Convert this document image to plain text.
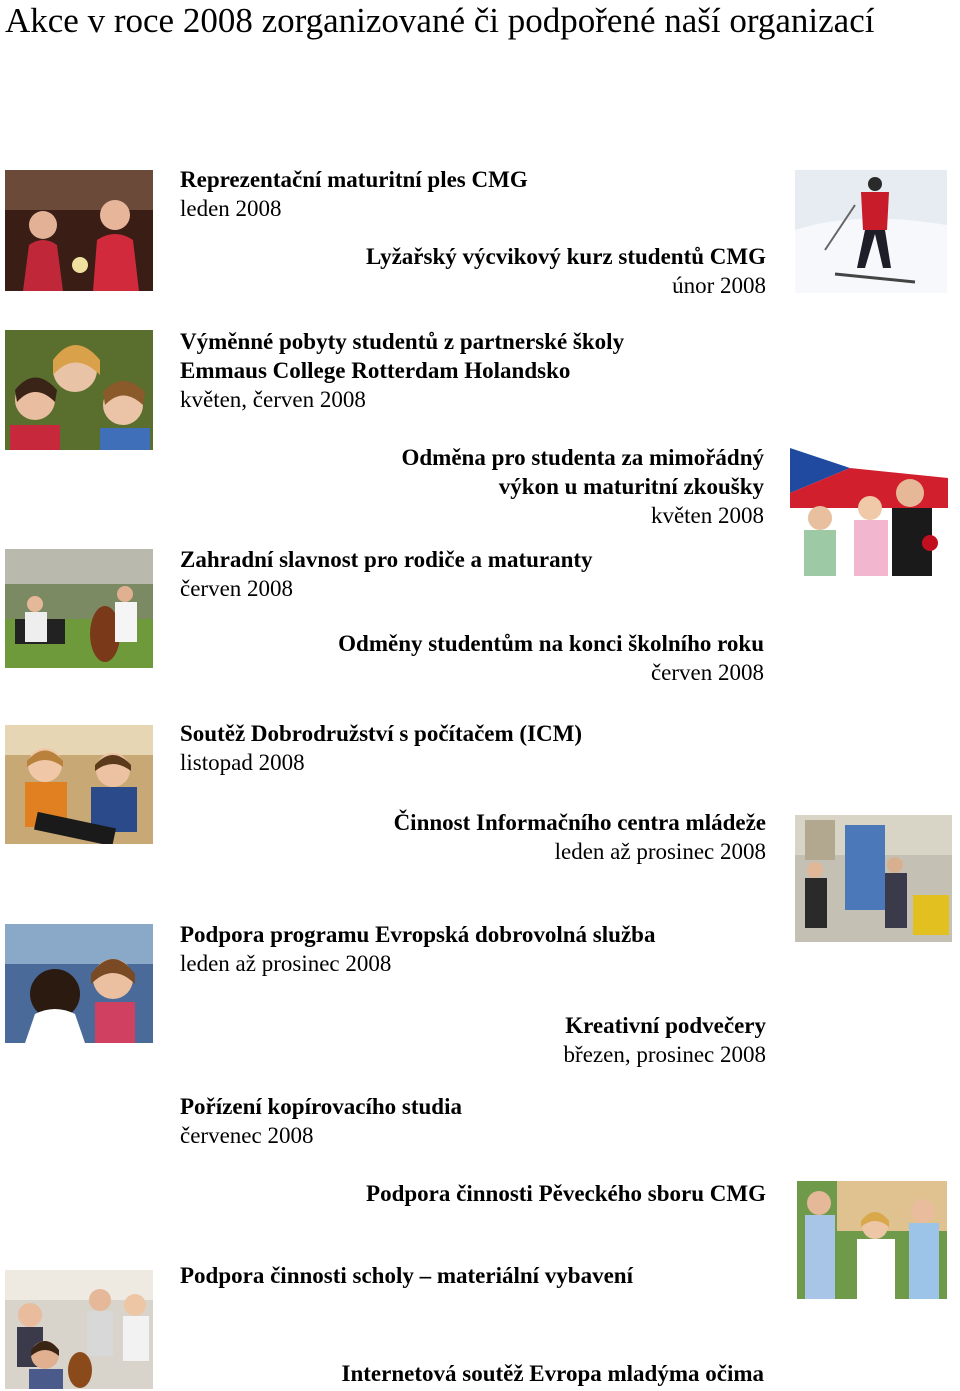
Akce v roce 2008 zorganizované či podpořené naší organizací
Reprezentační maturitní ples CMG
leden 2008
Lyžařský výcvikový kurz studentů CMG
únor 2008
Výměnné pobyty studentů z partnerské školy
Emmaus College Rotterdam Holandsko
květen, červen 2008
Odměna pro studenta za mimořádný
výkon u maturitní zkoušky
květen 2008
Zahradní slavnost pro rodiče a maturanty
červen 2008
Odměny studentům na konci školního roku
červen 2008
Soutěž Dobrodružství s počítačem (ICM)
listopad 2008
Činnost Informačního centra mládeže
leden až prosinec 2008
Podpora programu Evropská dobrovolná služba
leden až prosinec 2008
Kreativní podvečery
březen, prosinec 2008
Pořízení kopírovacího studia
červenec 2008
Podpora činnosti Pěveckého sboru CMG
Podpora činnosti scholy – materiální vybavení
Internetová soutěž Evropa mladýma očima
